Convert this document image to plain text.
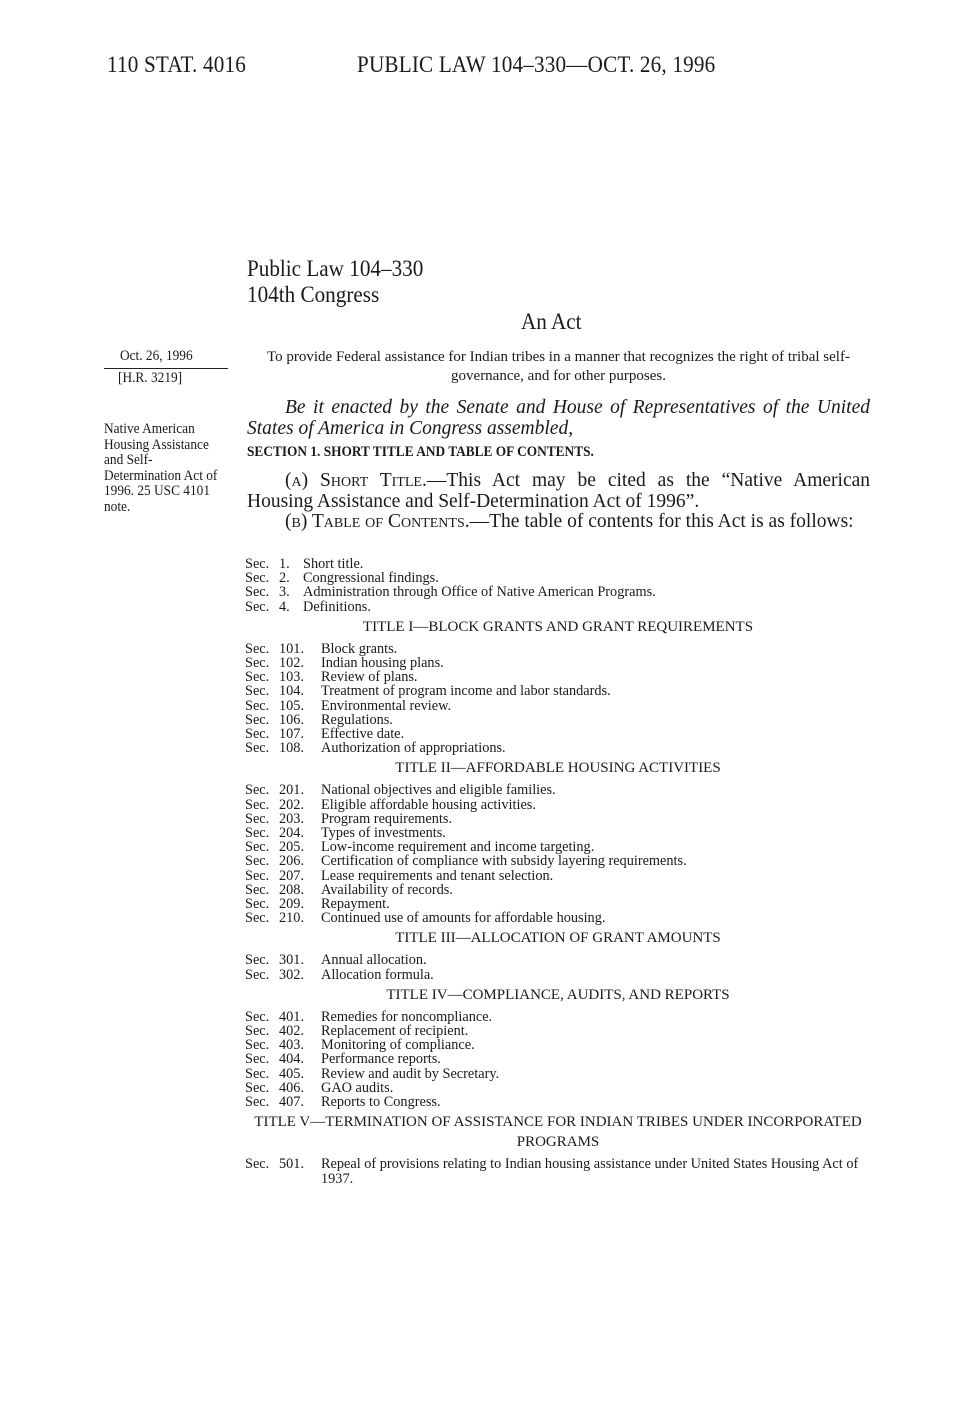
110 STAT. 4016	PUBLIC LAW 104–330—OCT. 26, 1996
Public Law 104–330
104th Congress
An Act
Oct. 26, 1996
[H.R. 3219]
Native American Housing Assistance and Self-Determination Act of 1996. 25 USC 4101 note.
To provide Federal assistance for Indian tribes in a manner that recognizes the right of tribal self-governance, and for other purposes.
Be it enacted by the Senate and House of Representatives of the United States of America in Congress assembled,
SECTION 1. SHORT TITLE AND TABLE OF CONTENTS.
(a) Short Title.—This Act may be cited as the “Native American Housing Assistance and Self-Determination Act of 1996”.
(b) Table of Contents.—The table of contents for this Act is as follows:
Sec. 1. Short title.
Sec. 2. Congressional findings.
Sec. 3. Administration through Office of Native American Programs.
Sec. 4. Definitions.
TITLE I—BLOCK GRANTS AND GRANT REQUIREMENTS
Sec. 101.	Block grants.
Sec. 102.	Indian housing plans.
Sec. 103.	Review of plans.
Sec. 104.	Treatment of program income and labor standards.
Sec. 105.	Environmental review.
Sec. 106.	Regulations.
Sec. 107.	Effective date.
Sec. 108.	Authorization of appropriations.
TITLE II—AFFORDABLE HOUSING ACTIVITIES
Sec. 201.	National objectives and eligible families.
Sec. 202.	Eligible affordable housing activities.
Sec. 203.	Program requirements.
Sec. 204.	Types of investments.
Sec. 205.	Low-income requirement and income targeting.
Sec. 206.	Certification of compliance with subsidy layering requirements.
Sec. 207.	Lease requirements and tenant selection.
Sec. 208.	Availability of records.
Sec. 209.	Repayment.
Sec. 210.	Continued use of amounts for affordable housing.
TITLE III—ALLOCATION OF GRANT AMOUNTS
Sec. 301.	Annual allocation.
Sec. 302.	Allocation formula.
TITLE IV—COMPLIANCE, AUDITS, AND REPORTS
Sec. 401.	Remedies for noncompliance.
Sec. 402.	Replacement of recipient.
Sec. 403.	Monitoring of compliance.
Sec. 404.	Performance reports.
Sec. 405.	Review and audit by Secretary.
Sec. 406.	GAO audits.
Sec. 407.	Reports to Congress.
TITLE V—TERMINATION OF ASSISTANCE FOR INDIAN TRIBES UNDER INCORPORATED PROGRAMS
Sec. 501.	Repeal of provisions relating to Indian housing assistance under United States Housing Act of 1937.
